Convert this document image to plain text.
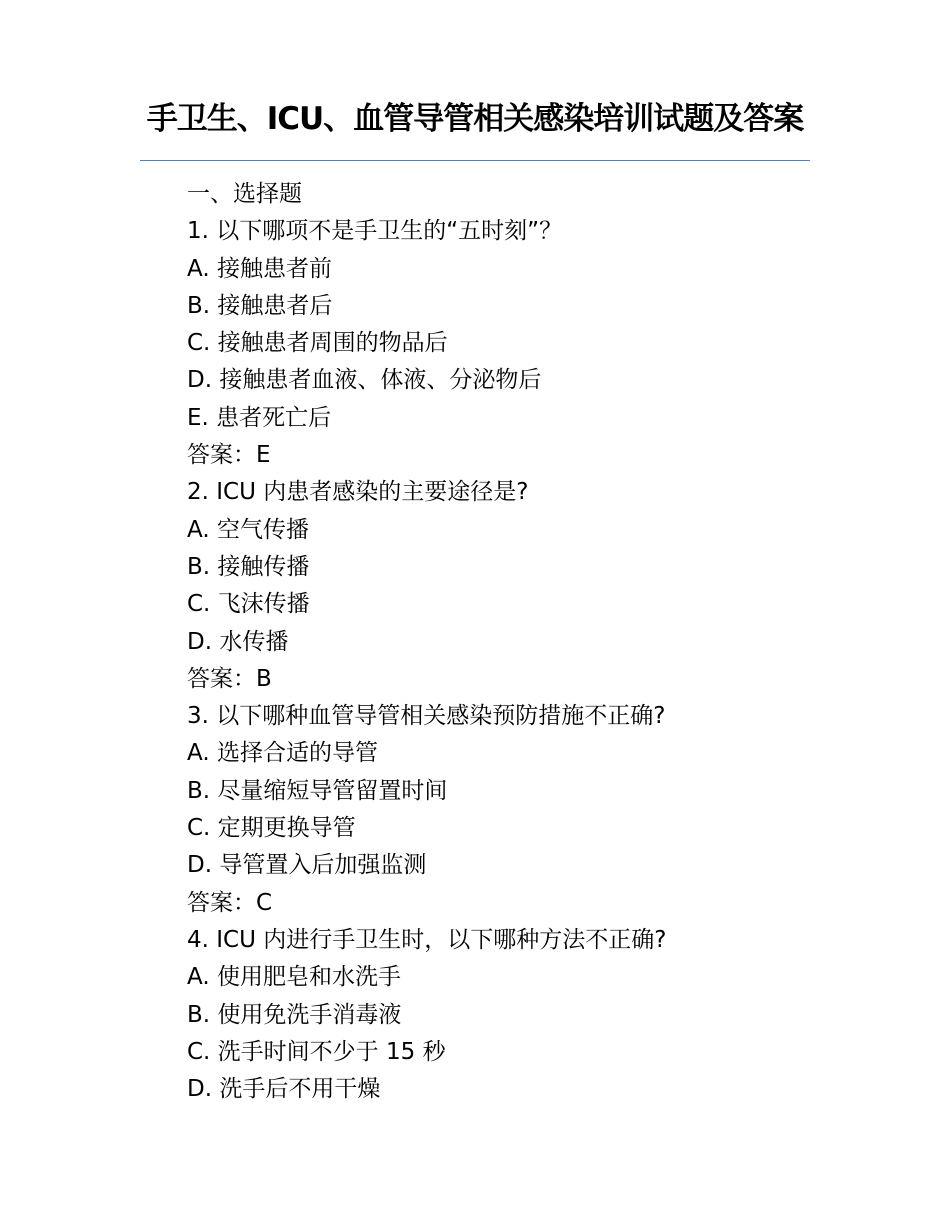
手卫生、ICU、血管导管相关感染培训试题及答案
一、选择题
1. 以下哪项不是手卫生的“五时刻”？
A. 接触患者前
B. 接触患者后
C. 接触患者周围的物品后
D. 接触患者血液、体液、分泌物后
E. 患者死亡后
答案：E
2. ICU 内患者感染的主要途径是?
A. 空气传播
B. 接触传播
C. 飞沫传播
D. 水传播
答案：B
3. 以下哪种血管导管相关感染预防措施不正确?
A. 选择合适的导管
B. 尽量缩短导管留置时间
C. 定期更换导管
D. 导管置入后加强监测
答案：C
4. ICU 内进行手卫生时，以下哪种方法不正确?
A. 使用肥皂和水洗手
B. 使用免洗手消毒液
C. 洗手时间不少于 15 秒
D. 洗手后不用干燥
